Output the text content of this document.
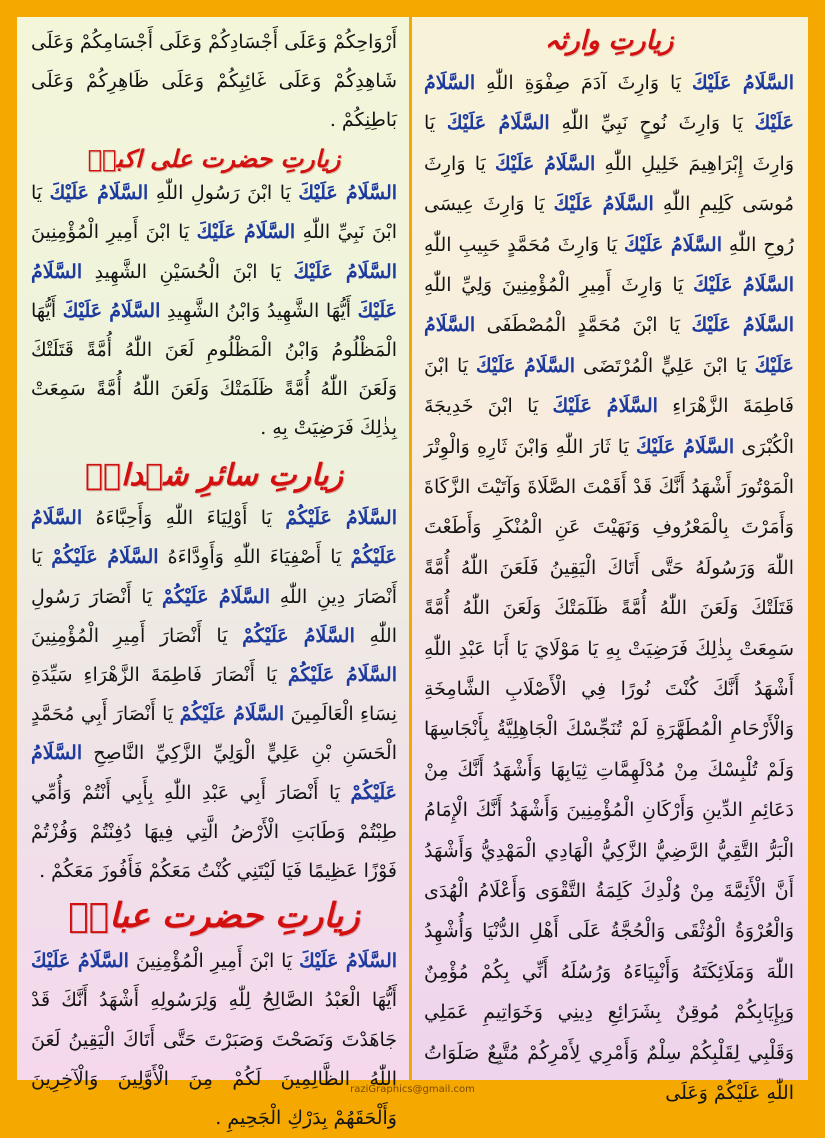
زیارتِ وارثہ

السَّلَامُ عَلَيْكَ يَا وَارِثَ آدَمَ صِفْوَةِ اللّٰهِ السَّلَامُ عَلَيْكَ يَا وَارِثَ نُوحٍ نَبِيِّ اللّٰهِ السَّلَامُ عَلَيْكَ يَا وَارِثَ إِبْرَاهِيمَ خَلِيلِ اللّٰهِ السَّلَامُ عَلَيْكَ يَا وَارِثَ مُوسَى كَلِيمِ اللّٰهِ السَّلَامُ عَلَيْكَ يَا وَارِثَ عِيسَى رُوحِ اللّٰهِ السَّلَامُ عَلَيْكَ يَا وَارِثَ مُحَمَّدٍ حَبِيبِ اللّٰهِ السَّلَامُ عَلَيْكَ يَا وَارِثَ أَمِيرِ الْمُؤْمِنِينَ وَلِيِّ اللّٰهِ السَّلَامُ عَلَيْكَ يَا ابْنَ مُحَمَّدٍ الْمُصْطَفَى السَّلَامُ عَلَيْكَ يَا ابْنَ عَلِيٍّ الْمُرْتَضَى السَّلَامُ عَلَيْكَ يَا ابْنَ فَاطِمَةَ الزَّهْرَاءِ السَّلَامُ عَلَيْكَ يَا ابْنَ خَدِيجَةَ الْكُبْرَى السَّلَامُ عَلَيْكَ يَا ثَارَ اللّٰهِ وَابْنَ ثَارِهِ وَالْوِتْرَ الْمَوْتُورَ أَشْهَدُ أَنَّكَ قَدْ أَقَمْتَ الصَّلَاةَ وَآتَيْتَ الزَّكَاةَ وَأَمَرْتَ بِالْمَعْرُوفِ وَنَهَيْتَ عَنِ الْمُنْكَرِ وَأَطَعْتَ اللّٰهَ وَرَسُولَهُ حَتَّى أَتَاكَ الْيَقِينُ فَلَعَنَ اللّٰهُ أُمَّةً قَتَلَتْكَ وَلَعَنَ اللّٰهُ أُمَّةً ظَلَمَتْكَ وَلَعَنَ اللّٰهُ أُمَّةً سَمِعَتْ بِذٰلِكَ فَرَضِيَتْ بِهِ يَا مَوْلَايَ يَا أَبَا عَبْدِ اللّٰهِ أَشْهَدُ أَنَّكَ كُنْتَ نُورًا فِي الْأَصْلَابِ الشَّامِخَةِ وَالْأَرْحَامِ الْمُطَهَّرَةِ لَمْ تُنَجِّسْكَ الْجَاهِلِيَّةُ بِأَنْجَاسِهَا وَلَمْ تُلْبِسْكَ مِنْ مُدْلَهِمَّاتِ ثِيَابِهَا وَأَشْهَدُ أَنَّكَ مِنْ دَعَائِمِ الدِّينِ وَأَرْكَانِ الْمُؤْمِنِينَ وَأَشْهَدُ أَنَّكَ الْإِمَامُ الْبَرُّ التَّقِيُّ الرَّضِيُّ الزَّكِيُّ الْهَادِي الْمَهْدِيُّ وَأَشْهَدُ أَنَّ الْأَئِمَّةَ مِنْ وُلْدِكَ كَلِمَةُ التَّقْوَى وَأَعْلَامُ الْهُدَى وَالْعُرْوَةُ الْوُثْقَى وَالْحُجَّةُ عَلَى أَهْلِ الدُّنْيَا وَأُشْهِدُ اللّٰهَ وَمَلَائِكَتَهُ وَأَنْبِيَاءَهُ وَرُسُلَهُ أَنِّي بِكُمْ مُؤْمِنٌ وَبِإِيَابِكُمْ مُوقِنٌ بِشَرَائِعِ دِينِي وَخَوَاتِيمِ عَمَلِي وَقَلْبِي لِقَلْبِكُمْ سِلْمٌ وَأَمْرِي لِأَمْرِكُمْ مُتَّبِعٌ صَلَوَاتُ اللّٰهِ عَلَيْكُمْ وَعَلَى

أَرْوَاحِكُمْ وَعَلَى أَجْسَادِكُمْ وَعَلَى أَجْسَامِكُمْ وَعَلَى شَاهِدِكُمْ وَعَلَى غَائِبِكُمْ وَعَلَى ظَاهِرِكُمْ وَعَلَى بَاطِنِكُمْ .

زیارتِ حضرت علی اکبرؑ

السَّلَامُ عَلَيْكَ يَا ابْنَ رَسُولِ اللّٰهِ السَّلَامُ عَلَيْكَ يَا ابْنَ نَبِيِّ اللّٰهِ السَّلَامُ عَلَيْكَ يَا ابْنَ أَمِيرِ الْمُؤْمِنِينَ السَّلَامُ عَلَيْكَ يَا ابْنَ الْحُسَيْنِ الشَّهِيدِ السَّلَامُ عَلَيْكَ أَيُّهَا الشَّهِيدُ وَابْنُ الشَّهِيدِ السَّلَامُ عَلَيْكَ أَيُّهَا الْمَظْلُومُ وَابْنُ الْمَظْلُومِ لَعَنَ اللّٰهُ أُمَّةً قَتَلَتْكَ وَلَعَنَ اللّٰهُ أُمَّةً ظَلَمَتْكَ وَلَعَنَ اللّٰهُ أُمَّةً سَمِعَتْ بِذٰلِكَ فَرَضِيَتْ بِهِ .

زیارتِ سائرِ شہداءؑ

السَّلَامُ عَلَيْكُمْ يَا أَوْلِيَاءَ اللّٰهِ وَأَحِبَّاءَهُ السَّلَامُ عَلَيْكُمْ يَا أَصْفِيَاءَ اللّٰهِ وَأَوِدَّاءَهُ السَّلَامُ عَلَيْكُمْ يَا أَنْصَارَ دِينِ اللّٰهِ السَّلَامُ عَلَيْكُمْ يَا أَنْصَارَ رَسُولِ اللّٰهِ السَّلَامُ عَلَيْكُمْ يَا أَنْصَارَ أَمِيرِ الْمُؤْمِنِينَ السَّلَامُ عَلَيْكُمْ يَا أَنْصَارَ فَاطِمَةَ الزَّهْرَاءِ سَيِّدَةِ نِسَاءِ الْعَالَمِينَ السَّلَامُ عَلَيْكُمْ يَا أَنْصَارَ أَبِي مُحَمَّدٍ الْحَسَنِ بْنِ عَلِيٍّ الْوَلِيِّ الزَّكِيِّ النَّاصِحِ السَّلَامُ عَلَيْكُمْ يَا أَنْصَارَ أَبِي عَبْدِ اللّٰهِ بِأَبِي أَنْتُمْ وَأُمِّي طِبْتُمْ وَطَابَتِ الْأَرْضُ الَّتِي فِيهَا دُفِنْتُمْ وَفُزْتُمْ فَوْزًا عَظِيمًا فَيَا لَيْتَنِي كُنْتُ مَعَكُمْ فَأَفُوزَ مَعَكُمْ .

زیارتِ حضرت عباسؑ

السَّلَامُ عَلَيْكَ يَا ابْنَ أَمِيرِ الْمُؤْمِنِينَ السَّلَامُ عَلَيْكَ أَيُّهَا الْعَبْدُ الصَّالِحُ لِلّٰهِ وَلِرَسُولِهِ أَشْهَدُ أَنَّكَ قَدْ جَاهَدْتَ وَنَصَحْتَ وَصَبَرْتَ حَتَّى أَتَاكَ الْيَقِينُ لَعَنَ اللّٰهُ الظَّالِمِينَ لَكُمْ مِنَ الْأَوَّلِينَ وَالْآخِرِينَ وَأَلْحَقَهُمْ بِدَرْكِ الْجَحِيمِ .

raziGraphics@gmail.com
